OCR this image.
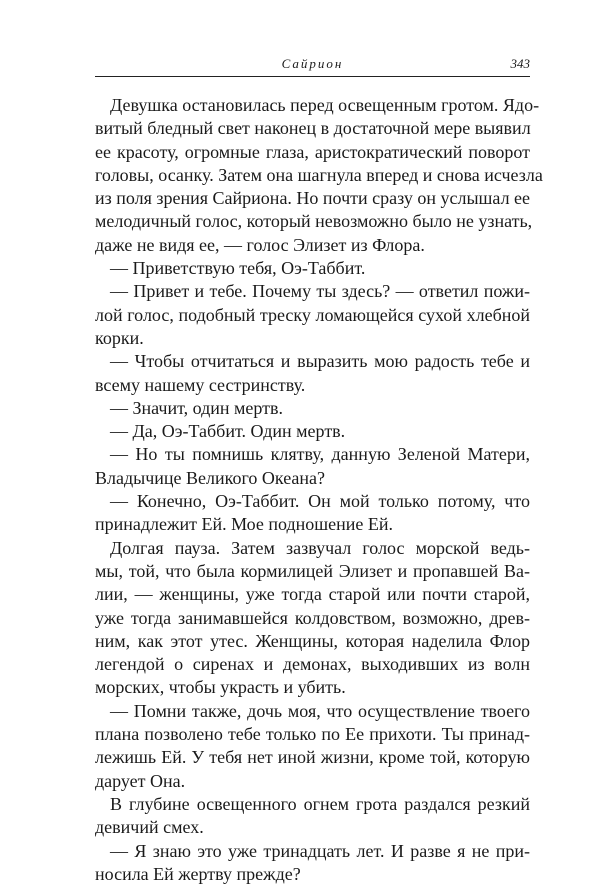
Сайрион	343

Девушка остановилась перед освещенным гротом. Ядо-
витый бледный свет наконец в достаточной мере выявил
ее красоту, огромные глаза, аристократический поворот
головы, осанку. Затем она шагнула вперед и снова исчезла
из поля зрения Сайриона. Но почти сразу он услышал ее
мелодичный голос, который невозможно было не узнать,
даже не видя ее, — голос Элизет из Флора.

— Приветствую тебя, Оэ-Таббит.

— Привет и тебе. Почему ты здесь? — ответил пожи-
лой голос, подобный треску ломающейся сухой хлебной
корки.

— Чтобы отчитаться и выразить мою радость тебе и
всему нашему сестринству.

— Значит, один мертв.

— Да, Оэ-Таббит. Один мертв.

— Но ты помнишь клятву, данную Зеленой Матери,
Владычице Великого Океана?

— Конечно, Оэ-Таббит. Он мой только потому, что
принадлежит Ей. Мое подношение Ей.

Долгая пауза. Затем зазвучал голос морской ведь-
мы, той, что была кормилицей Элизет и пропавшей Ва-
лии, — женщины, уже тогда старой или почти старой,
уже тогда занимавшейся колдовством, возможно, древ-
ним, как этот утес. Женщины, которая наделила Флор
легендой о сиренах и демонах, выходивших из волн
морских, чтобы украсть и убить.

— Помни также, дочь моя, что осуществление твоего
плана позволено тебе только по Ее прихоти. Ты принад-
лежишь Ей. У тебя нет иной жизни, кроме той, которую
дарует Она.

В глубине освещенного огнем грота раздался резкий
девичий смех.

— Я знаю это уже тринадцать лет. И разве я не при-
носила Ей жертву прежде?
